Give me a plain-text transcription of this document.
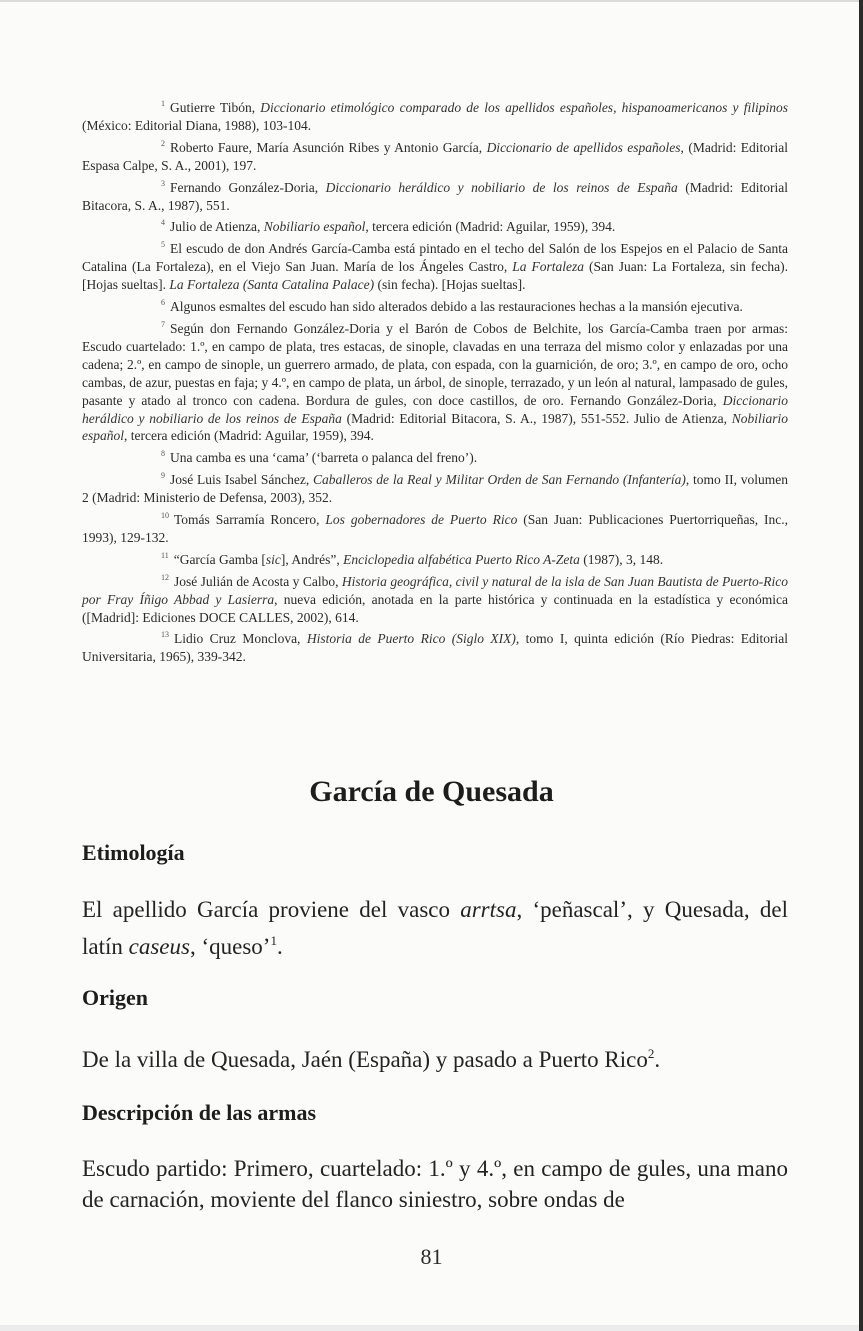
$^1$ Gutierre Tibón, Diccionario etimológico comparado de los apellidos españoles, hispanoamericanos y filipinos (México: Editorial Diana, 1988), 103-104.

$^2$ Roberto Faure, María Asunción Ribes y Antonio García, Diccionario de apellidos españoles, (Madrid: Editorial Espasa Calpe, S. A., 2001), 197.

$^3$ Fernando González-Doria, Diccionario heráldico y nobiliario de los reinos de España (Madrid: Editorial Bitacora, S. A., 1987), 551.

$^4$ Julio de Atienza, Nobiliario español, tercera edición (Madrid: Aguilar, 1959), 394.

$^5$ El escudo de don Andrés García-Camba está pintado en el techo del Salón de los Espejos en el Palacio de Santa Catalina (La Fortaleza), en el Viejo San Juan. María de los Ángeles Castro, La Fortaleza (San Juan: La Fortaleza, sin fecha). [Hojas sueltas]. La Fortaleza (Santa Catalina Palace) (sin fecha). [Hojas sueltas].

$^6$ Algunos esmaltes del escudo han sido alterados debido a las restauraciones hechas a la mansión ejecutiva.

$^7$ Según don Fernando González-Doria y el Barón de Cobos de Belchite, los García-Camba traen por armas: Escudo cuartelado: 1.º, en campo de plata, tres estacas, de sinople, clavadas en una terraza del mismo color y enlazadas por una cadena; 2.º, en campo de sinople, un guerrero armado, de plata, con espada, con la guarnición, de oro; 3.º, en campo de oro, ocho cambas, de azur, puestas en faja; y 4.º, en campo de plata, un árbol, de sinople, terrazado, y un león al natural, lampasado de gules, pasante y atado al tronco con cadena. Bordura de gules, con doce castillos, de oro. Fernando González-Doria, Diccionario heráldico y nobiliario de los reinos de España (Madrid: Editorial Bitacora, S. A., 1987), 551-552. Julio de Atienza, Nobiliario español, tercera edición (Madrid: Aguilar, 1959), 394.

$^8$ Una camba es una ‘cama’ (‘barreta o palanca del freno’).

$^9$ José Luis Isabel Sánchez, Caballeros de la Real y Militar Orden de San Fernando (Infantería), tomo II, volumen 2 (Madrid: Ministerio de Defensa, 2003), 352.

$^{10}$ Tomás Sarramía Roncero, Los gobernadores de Puerto Rico (San Juan: Publicaciones Puertorriqueñas, Inc., 1993), 129-132.

$^{11}$ “García Gamba [sic], Andrés”, Enciclopedia alfabética Puerto Rico A-Zeta (1987), 3, 148.

$^{12}$ José Julián de Acosta y Calbo, Historia geográfica, civil y natural de la isla de San Juan Bautista de Puerto-Rico por Fray Íñigo Abbad y Lasierra, nueva edición, anotada en la parte histórica y continuada en la estadística y económica ([Madrid]: Ediciones DOCE CALLES, 2002), 614.

$^{13}$ Lidio Cruz Monclova, Historia de Puerto Rico (Siglo XIX), tomo I, quinta edición (Río Piedras: Editorial Universitaria, 1965), 339-342.

García de Quesada
Etimología

El apellido García proviene del vasco arrtsa, ‘peñascal’, y Quesada, del latín caseus, ‘queso’$^1$.

Origen

De la villa de Quesada, Jaén (España) y pasado a Puerto Rico$^2$.

Descripción de las armas

Escudo partido: Primero, cuartelado: 1.º y 4.º, en campo de gules, una mano de carnación, moviente del flanco siniestro, sobre ondas de

81
